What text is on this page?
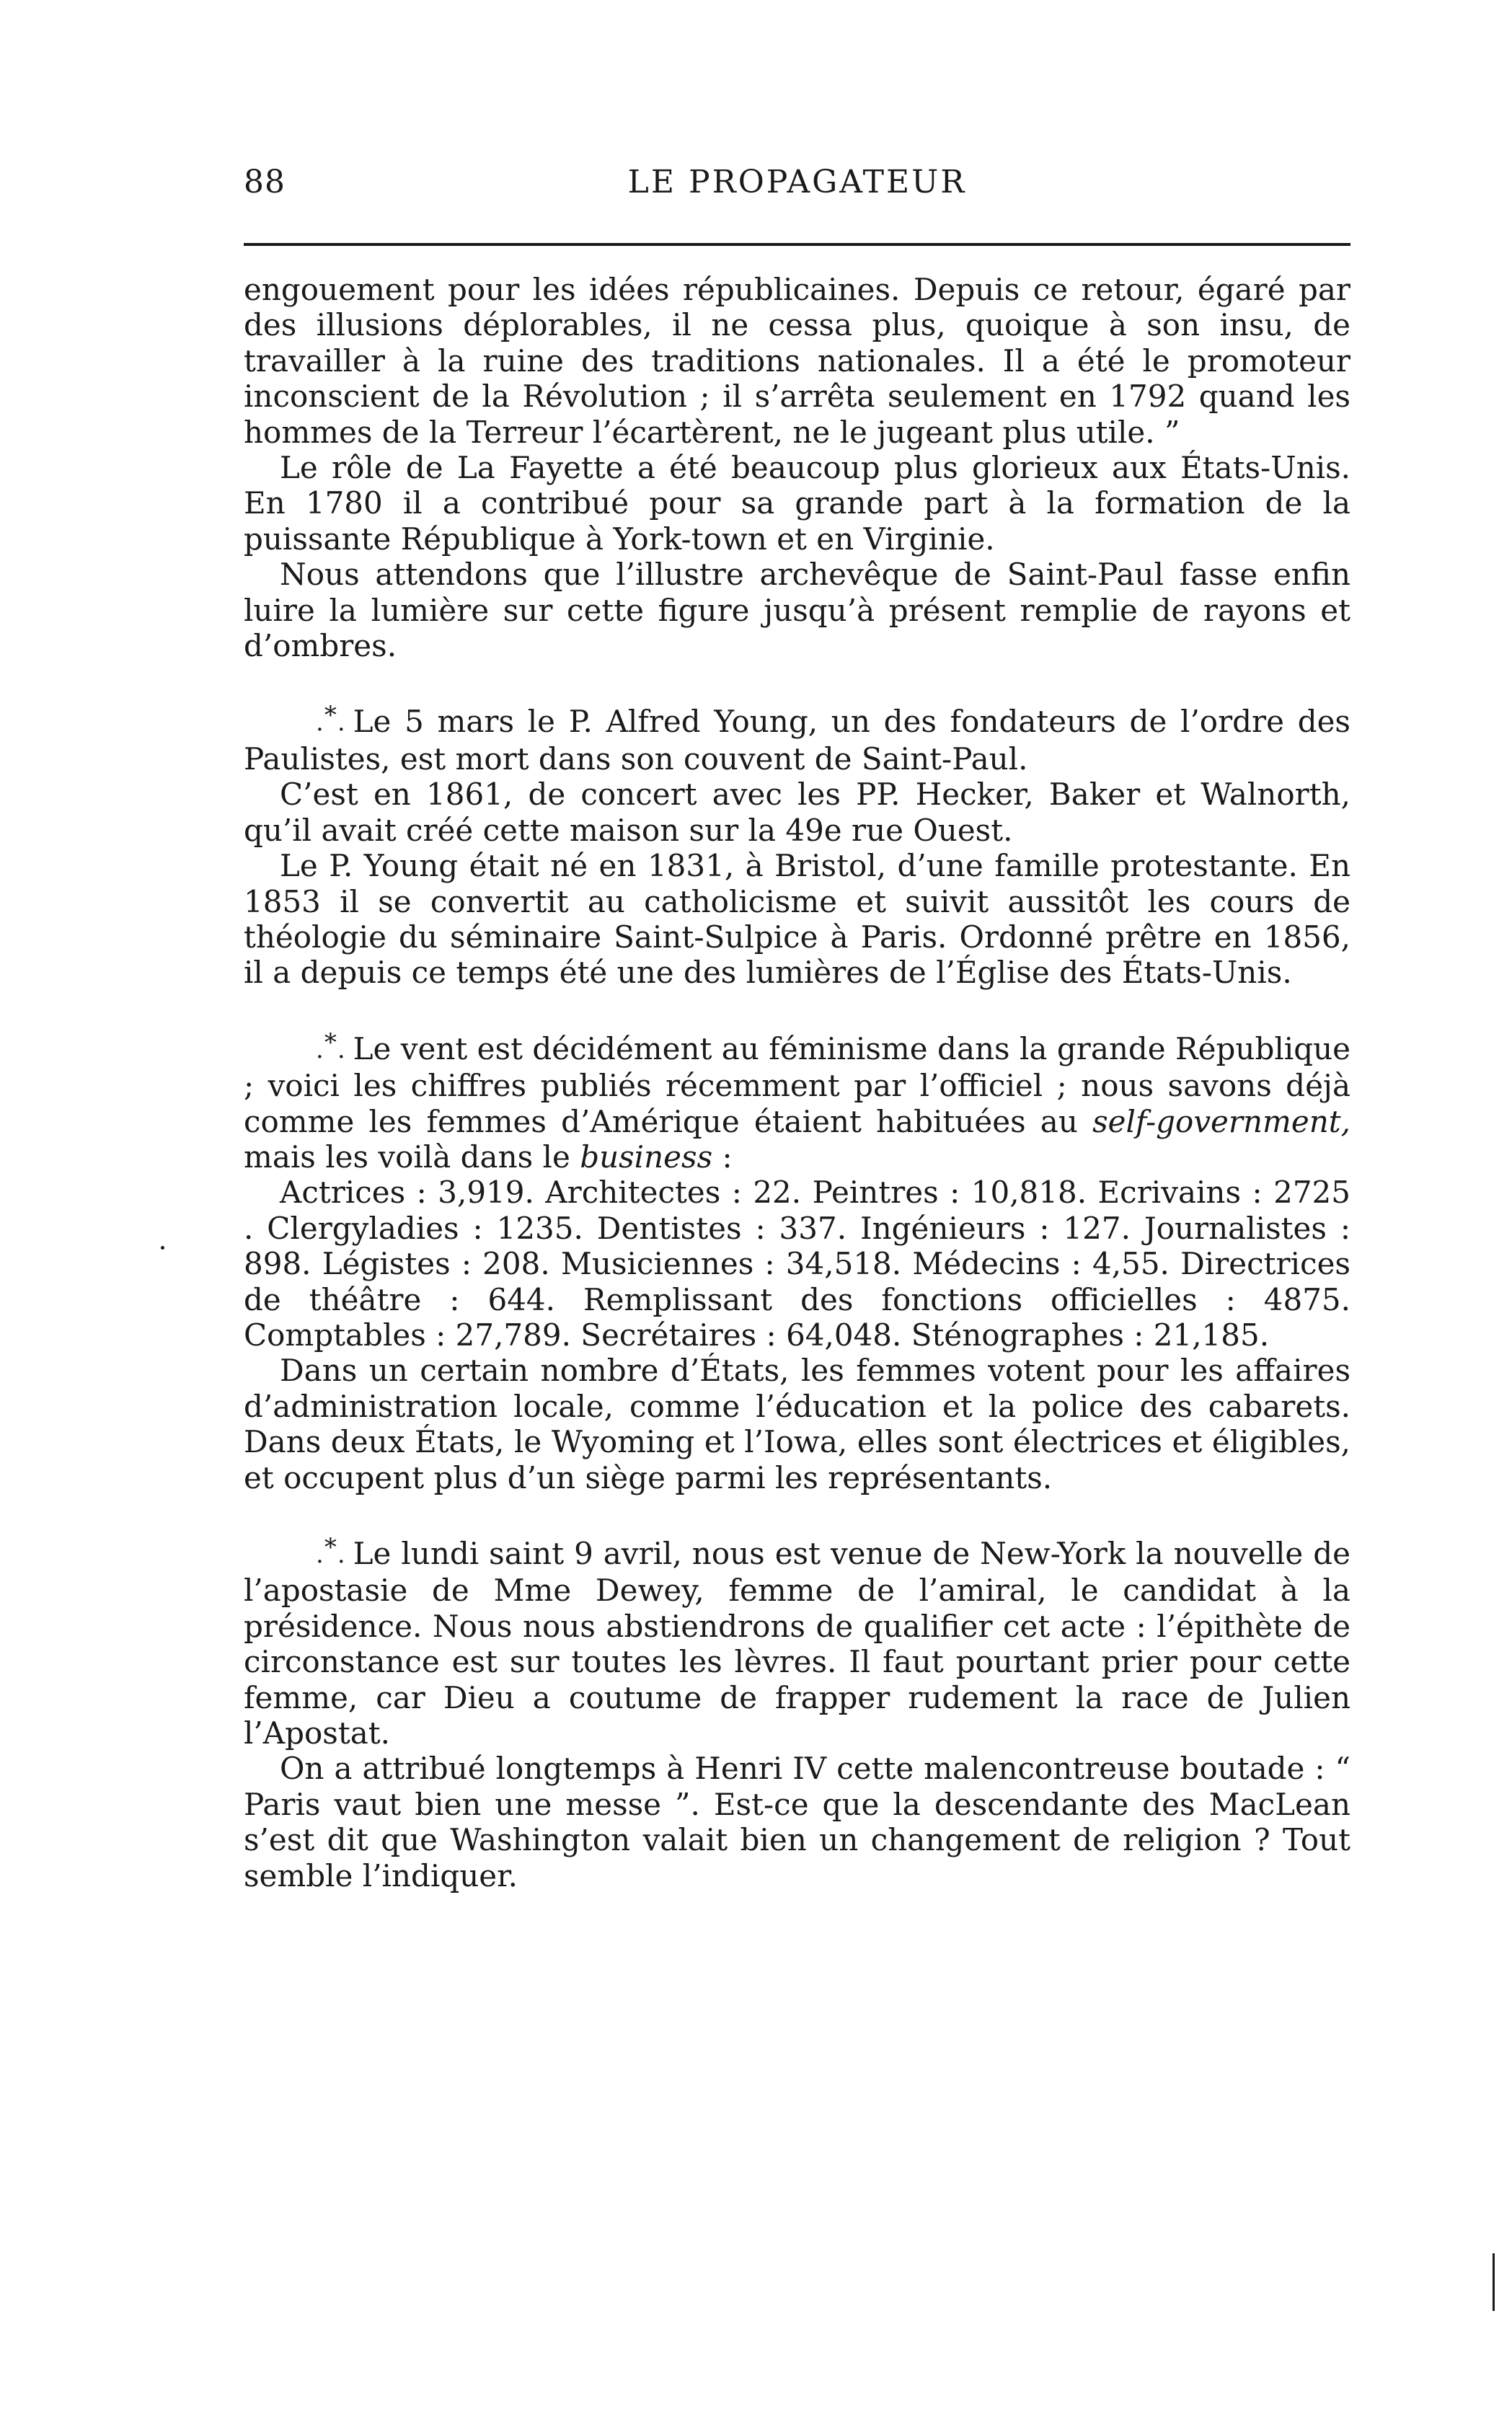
88	LE PROPAGATEUR

engouement pour les idées républicaines. Depuis ce retour, égaré par des illusions déplorables, il ne cessa plus, quoique à son insu, de travailler à la ruine des traditions nationales. Il a été le promoteur inconscient de la Révolution ; il s’arrêta seulement en 1792 quand les hommes de la Terreur l’écartèrent, ne le jugeant plus utile. ”

Le rôle de La Fayette a été beaucoup plus glorieux aux États-Unis. En 1780 il a contribué pour sa grande part à la formation de la puissante République à York-town et en Virginie.

Nous attendons que l’illustre archevêque de Saint-Paul fasse enfin luire la lumière sur cette figure jusqu’à présent remplie de rayons et d’ombres.

.*. Le 5 mars le P. Alfred Young, un des fondateurs de l’ordre des Paulistes, est mort dans son couvent de Saint-Paul.

C’est en 1861, de concert avec les PP. Hecker, Baker et Walnorth, qu’il avait créé cette maison sur la 49e rue Ouest.

Le P. Young était né en 1831, à Bristol, d’une famille protestante. En 1853 il se convertit au catholicisme et suivit aussitôt les cours de théologie du séminaire Saint-Sulpice à Paris. Ordonné prêtre en 1856, il a depuis ce temps été une des lumières de l’Église des États-Unis.

.*. Le vent est décidément au féminisme dans la grande République ; voici les chiffres publiés récemment par l’officiel ; nous savons déjà comme les femmes d’Amérique étaient habituées au self-government, mais les voilà dans le business :

Actrices : 3,919. Architectes : 22. Peintres : 10,818. Ecrivains : 2725 . Clergyladies : 1235. Dentistes : 337. Ingénieurs : 127. Journalistes : 898. Légistes : 208. Musiciennes : 34,518. Médecins : 4,55. Directrices de théâtre : 644. Remplissant des fonctions officielles : 4875. Comptables : 27,789. Secrétaires : 64,048. Sténographes : 21,185.

Dans un certain nombre d’États, les femmes votent pour les affaires d’administration locale, comme l’éducation et la police des cabarets. Dans deux États, le Wyoming et l’Iowa, elles sont électrices et éligibles, et occupent plus d’un siège parmi les représentants.

.*. Le lundi saint 9 avril, nous est venue de New-York la nouvelle de l’apostasie de Mme Dewey, femme de l’amiral, le candidat à la présidence. Nous nous abstiendrons de qualifier cet acte : l’épithète de circonstance est sur toutes les lèvres. Il faut pourtant prier pour cette femme, car Dieu a coutume de frapper rudement la race de Julien l’Apostat.

On a attribué longtemps à Henri IV cette malencontreuse boutade : “ Paris vaut bien une messe ”. Est-ce que la descendante des MacLean s’est dit que Washington valait bien un changement de religion ? Tout semble l’indiquer.
